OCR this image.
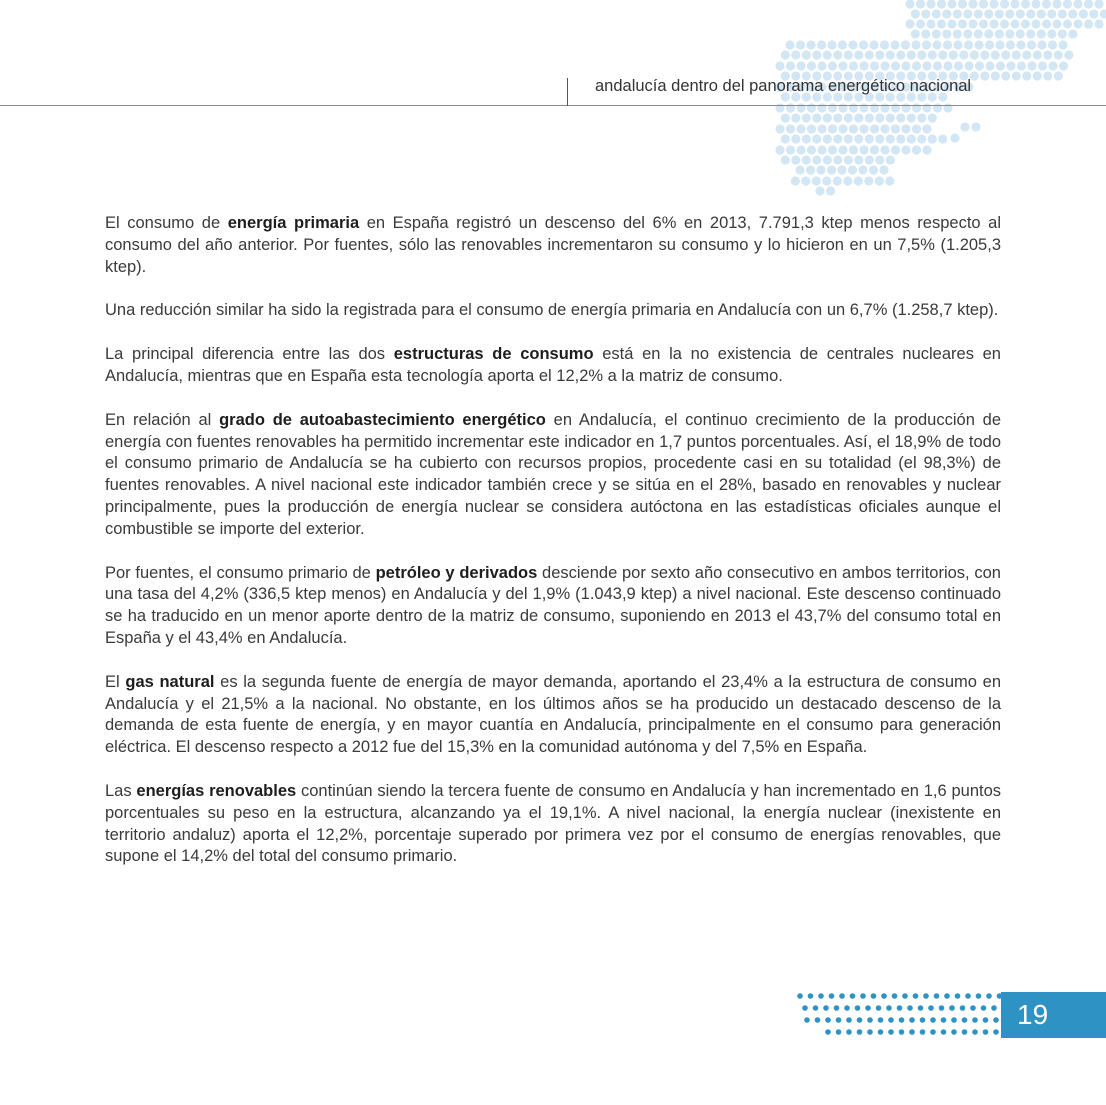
andalucía dentro del panorama energético nacional

El consumo de energía primaria en España registró un descenso del 6% en 2013, 7.791,3 ktep menos respecto al consumo del año anterior. Por fuentes, sólo las renovables incrementaron su consumo y lo hicieron en un 7,5% (1.205,3 ktep).

Una reducción similar ha sido la registrada para el consumo de energía primaria en Andalucía con un 6,7% (1.258,7 ktep).

La principal diferencia entre las dos estructuras de consumo está en la no existencia de centrales nucleares en Andalucía, mientras que en España esta tecnología aporta el 12,2% a la matriz de consumo.

En relación al grado de autoabastecimiento energético en Andalucía, el continuo crecimiento de la producción de energía con fuentes renovables ha permitido incrementar este indicador en 1,7 puntos porcentuales. Así, el 18,9% de todo el consumo primario de Andalucía se ha cubierto con recursos propios, procedente casi en su totalidad (el 98,3%) de fuentes renovables. A nivel nacional este indicador también crece y se sitúa en el 28%, basado en renovables y nuclear principalmente, pues la producción de energía nuclear se considera autóctona en las estadísticas oficiales aunque el combustible se importe del exterior.

Por fuentes, el consumo primario de petróleo y derivados desciende por sexto año consecutivo en ambos territorios, con una tasa del 4,2% (336,5 ktep menos) en Andalucía y del 1,9% (1.043,9 ktep) a nivel nacional. Este descenso continuado se ha traducido en un menor aporte dentro de la matriz de consumo, suponiendo en 2013 el 43,7% del consumo total en España y el 43,4% en Andalucía.

El gas natural es la segunda fuente de energía de mayor demanda, aportando el 23,4% a la estructura de consumo en Andalucía y el 21,5% a la nacional. No obstante, en los últimos años se ha producido un destacado descenso de la demanda de esta fuente de energía, y en mayor cuantía en Andalucía, principalmente en el consumo para generación eléctrica. El descenso respecto a 2012 fue del 15,3% en la comunidad autónoma y del 7,5% en España.

Las energías renovables continúan siendo la tercera fuente de consumo en Andalucía y han incrementado en 1,6 puntos porcentuales su peso en la estructura, alcanzando ya el 19,1%. A nivel nacional, la energía nuclear (inexistente en territorio andaluz) aporta el 12,2%, porcentaje superado por primera vez por el consumo de energías renovables, que supone el 14,2% del total del consumo primario.

19
